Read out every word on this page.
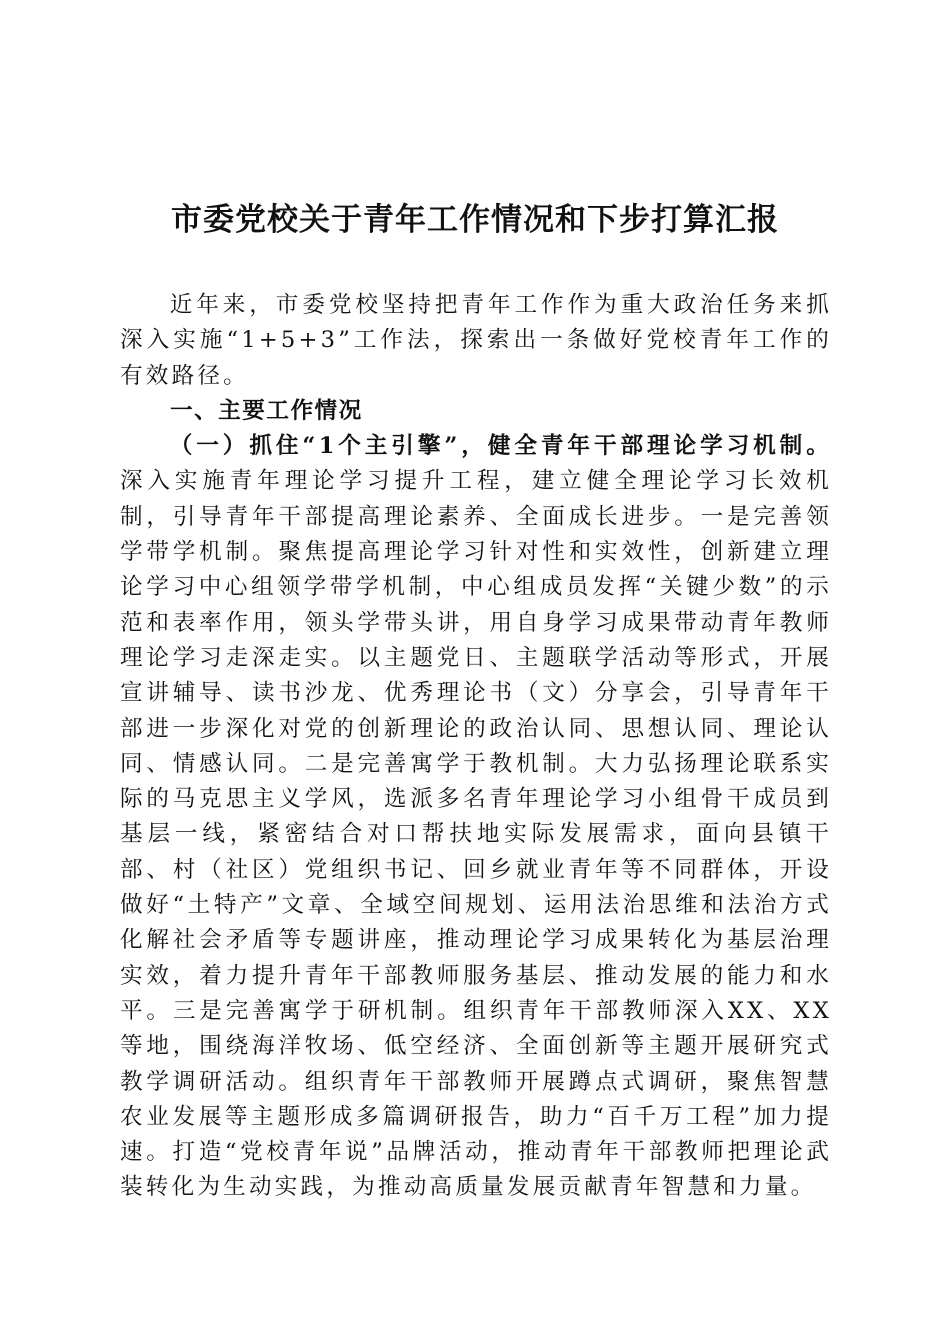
市委党校关于青年工作情况和下步打算汇报

近年来，市委党校坚持把青年工作作为重大政治任务来抓深入实施“1+5+3”工作法，探索出一条做好党校青年工作的有效路径。

一、主要工作情况

（一）抓住“1个主引擎”，健全青年干部理论学习机制。深入实施青年理论学习提升工程，建立健全理论学习长效机制，引导青年干部提高理论素养、全面成长进步。一是完善领学带学机制。聚焦提高理论学习针对性和实效性，创新建立理论学习中心组领学带学机制，中心组成员发挥“关键少数”的示范和表率作用，领头学带头讲，用自身学习成果带动青年教师理论学习走深走实。以主题党日、主题联学活动等形式，开展宣讲辅导、读书沙龙、优秀理论书（文）分享会，引导青年干部进一步深化对党的创新理论的政治认同、思想认同、理论认同、情感认同。二是完善寓学于教机制。大力弘扬理论联系实际的马克思主义学风，选派多名青年理论学习小组骨干成员到基层一线，紧密结合对口帮扶地实际发展需求，面向县镇干部、村（社区）党组织书记、回乡就业青年等不同群体，开设做好“土特产”文章、全域空间规划、运用法治思维和法治方式化解社会矛盾等专题讲座，推动理论学习成果转化为基层治理实效，着力提升青年干部教师服务基层、推动发展的能力和水平。三是完善寓学于研机制。组织青年干部教师深入XX、XX等地，围绕海洋牧场、低空经济、全面创新等主题开展研究式教学调研活动。组织青年干部教师开展蹲点式调研，聚焦智慧农业发展等主题形成多篇调研报告，助力“百千万工程”加力提速。打造“党校青年说”品牌活动，推动青年干部教师把理论武装转化为生动实践，为推动高质量发展贡献青年智慧和力量。
